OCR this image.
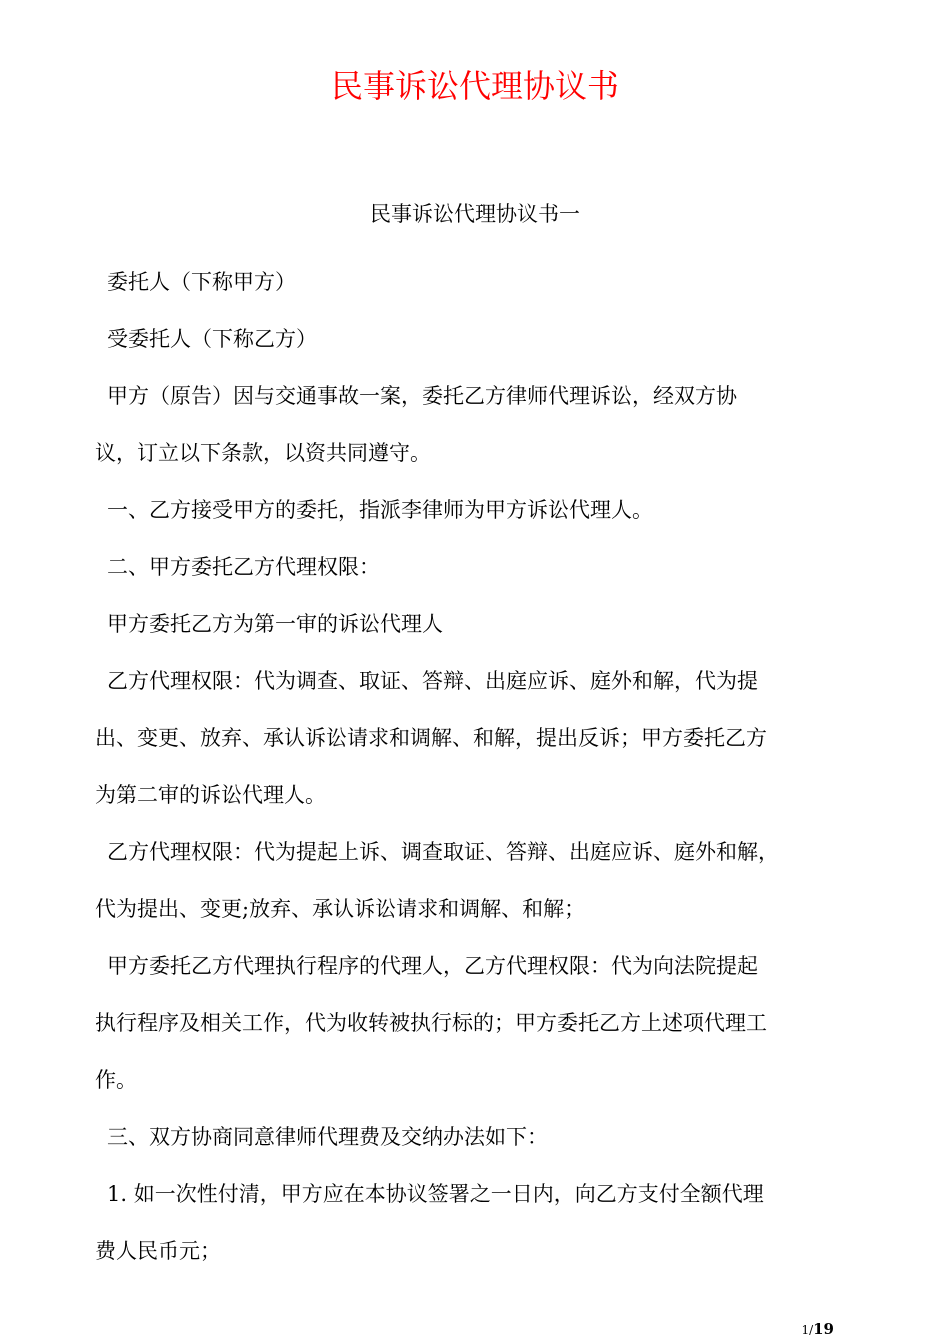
民事诉讼代理协议书

民事诉讼代理协议书一

委托人（下称甲方）

受委托人（下称乙方）

甲方（原告）因与交通事故一案，委托乙方律师代理诉讼，经双方协

议，订立以下条款，以资共同遵守。

一、乙方接受甲方的委托，指派李律师为甲方诉讼代理人。

二、甲方委托乙方代理权限：

甲方委托乙方为第一审的诉讼代理人

乙方代理权限：代为调查、取证、答辩、出庭应诉、庭外和解，代为提

出、变更、放弃、承认诉讼请求和调解、和解，提出反诉；甲方委托乙方

为第二审的诉讼代理人。

乙方代理权限：代为提起上诉、调查取证、答辩、出庭应诉、庭外和解，

代为提出、变更;放弃、承认诉讼请求和调解、和解；

甲方委托乙方代理执行程序的代理人，乙方代理权限：代为向法院提起

执行程序及相关工作，代为收转被执行标的；甲方委托乙方上述项代理工

作。

三、双方协商同意律师代理费及交纳办法如下：

1. 如一次性付清，甲方应在本协议签署之一日内，向乙方支付全额代理

费人民币元；

1/19
